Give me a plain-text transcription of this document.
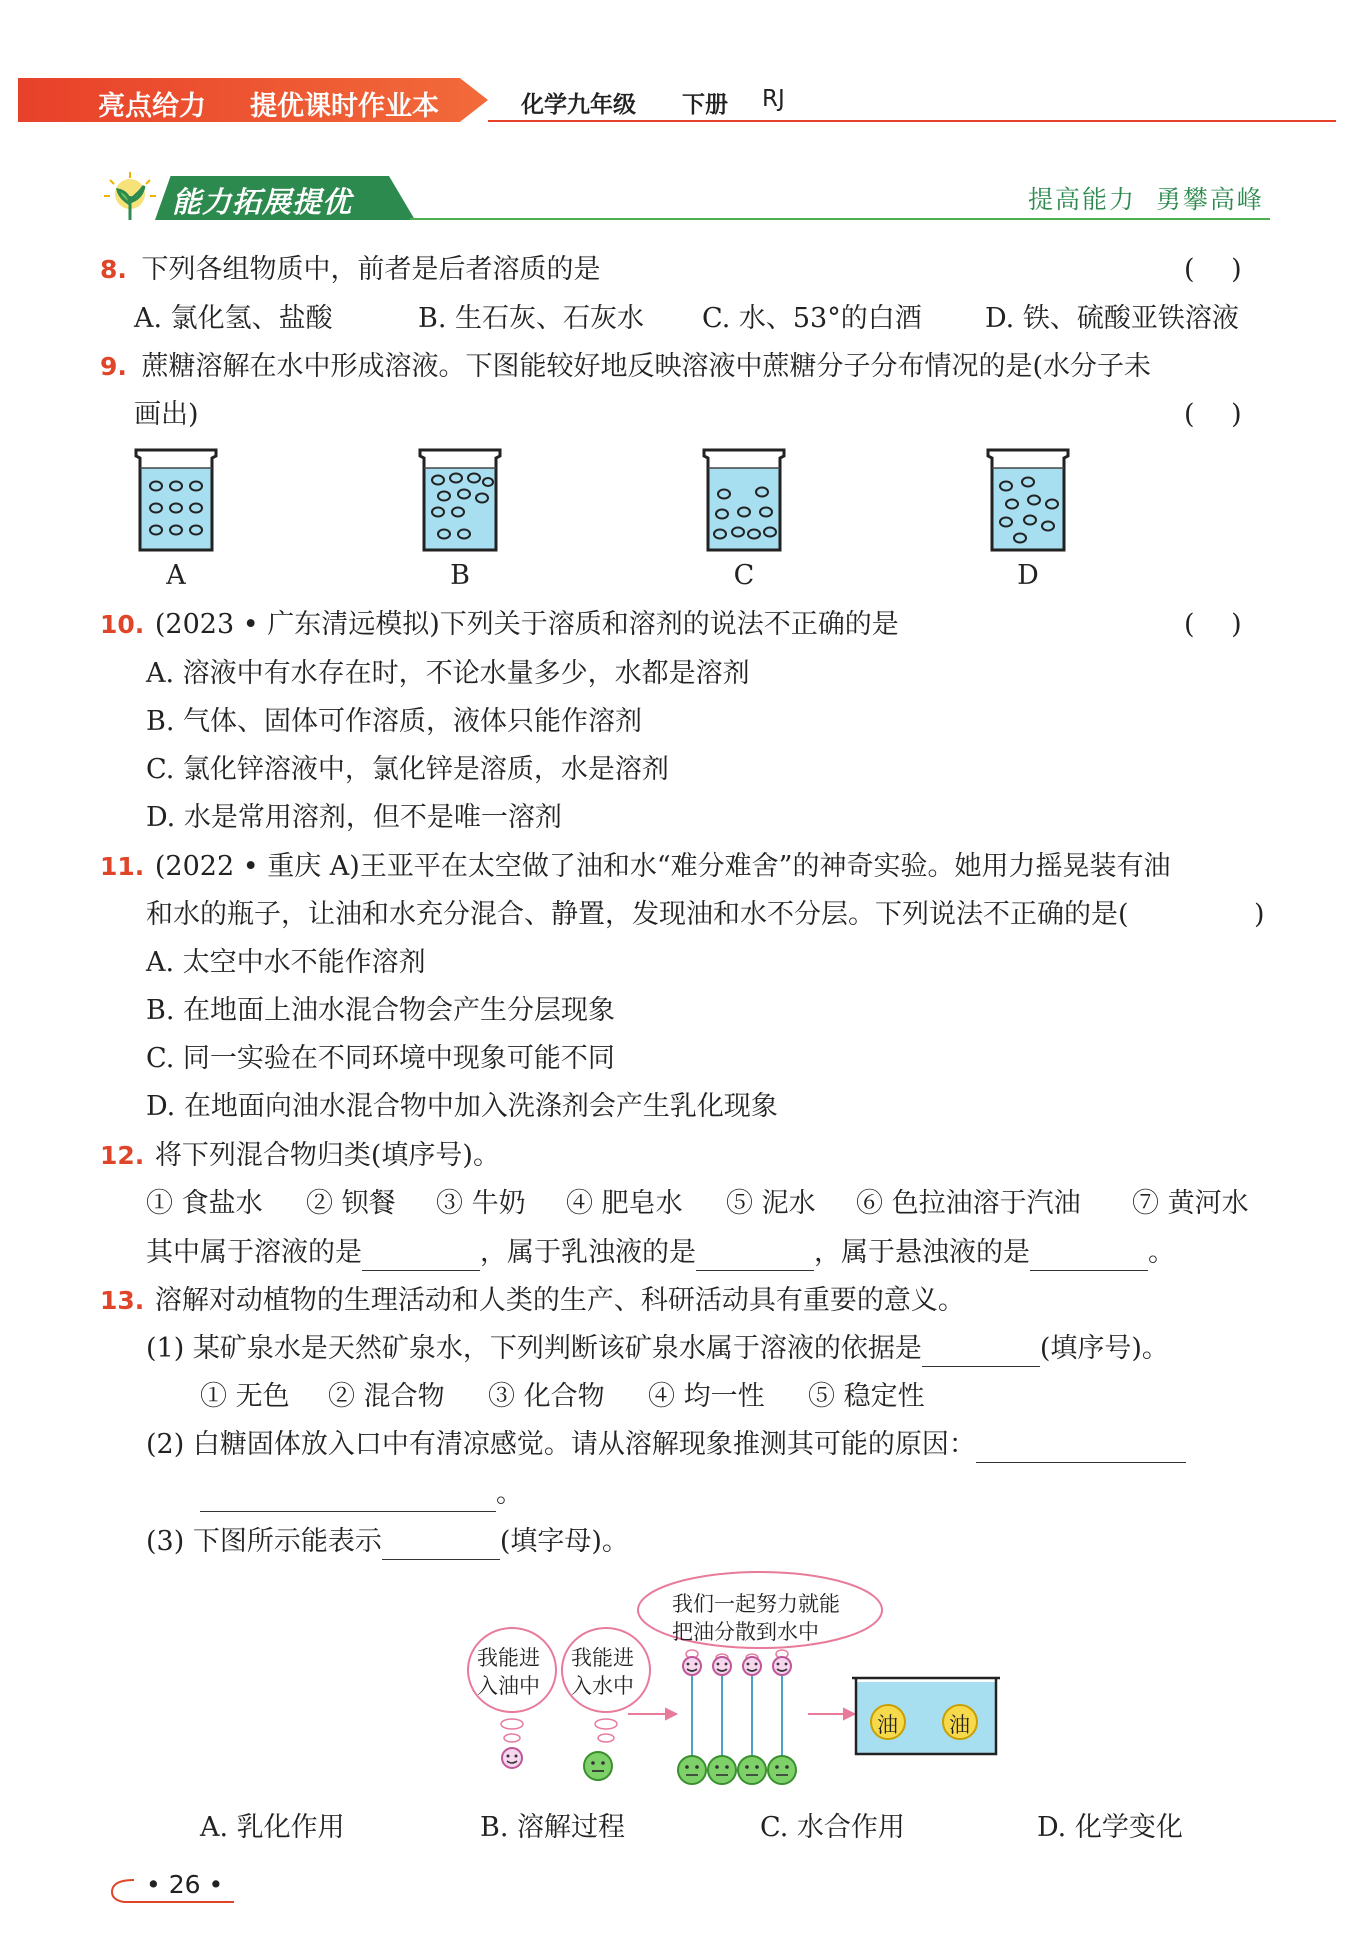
亮点给力 提优课时作业本	化学九年级 下册 RJ
能力拓展提优	提高能力  勇攀高峰
8. 下列各组物质中，前者是后者溶质的是	( )
A. 氯化氢、盐酸	B. 生石灰、石灰水 C. 水、53°的白酒 D. 铁、硫酸亚铁溶液
9. 蔗糖溶解在水中形成溶液。下图能较好地反映溶液中蔗糖分子分布情况的是(水分子未
画出)	( )
A	B	C	D
10. (2023 • 广东清远模拟)下列关于溶质和溶剂的说法不正确的是	( )
A. 溶液中有水存在时，不论水量多少，水都是溶剂
B. 气体、固体可作溶质，液体只能作溶剂
C. 氯化锌溶液中，氯化锌是溶质，水是溶剂
D. 水是常用溶剂，但不是唯一溶剂
11. (2022 • 重庆 A)王亚平在太空做了油和水“难分难舍”的神奇实验。她用力摇晃装有油
和水的瓶子，让油和水充分混合、静置，发现油和水不分层。下列说法不正确的是(	)
A. 太空中水不能作溶剂
B. 在地面上油水混合物会产生分层现象
C. 同一实验在不同环境中现象可能不同
D. 在地面向油水混合物中加入洗涤剂会产生乳化现象
12. 将下列混合物归类(填序号)。
① 食盐水 ② 钡餐 ③ 牛奶 ④ 肥皂水 ⑤ 泥水 ⑥ 色拉油溶于汽油 ⑦ 黄河水
其中属于溶液的是	，属于乳浊液的是	，属于悬浊液的是	。
13. 溶解对动植物的生理活动和人类的生产、科研活动具有重要的意义。
(1) 某矿泉水是天然矿泉水，下列判断该矿泉水属于溶液的依据是	(填序号)。
① 无色 ② 混合物 ③ 化合物 ④ 均一性 ⑤ 稳定性
(2) 白糖固体放入口中有清凉感觉。请从溶解现象推测其可能的原因：
。
(3) 下图所示能表示	(填字母)。
我能进
入油中
我能进
入水中
我们一起努力就能
把油分散到水中
油 油
A. 乳化作用	B. 溶解过程	C. 水合作用	D. 化学变化
• 26 •
